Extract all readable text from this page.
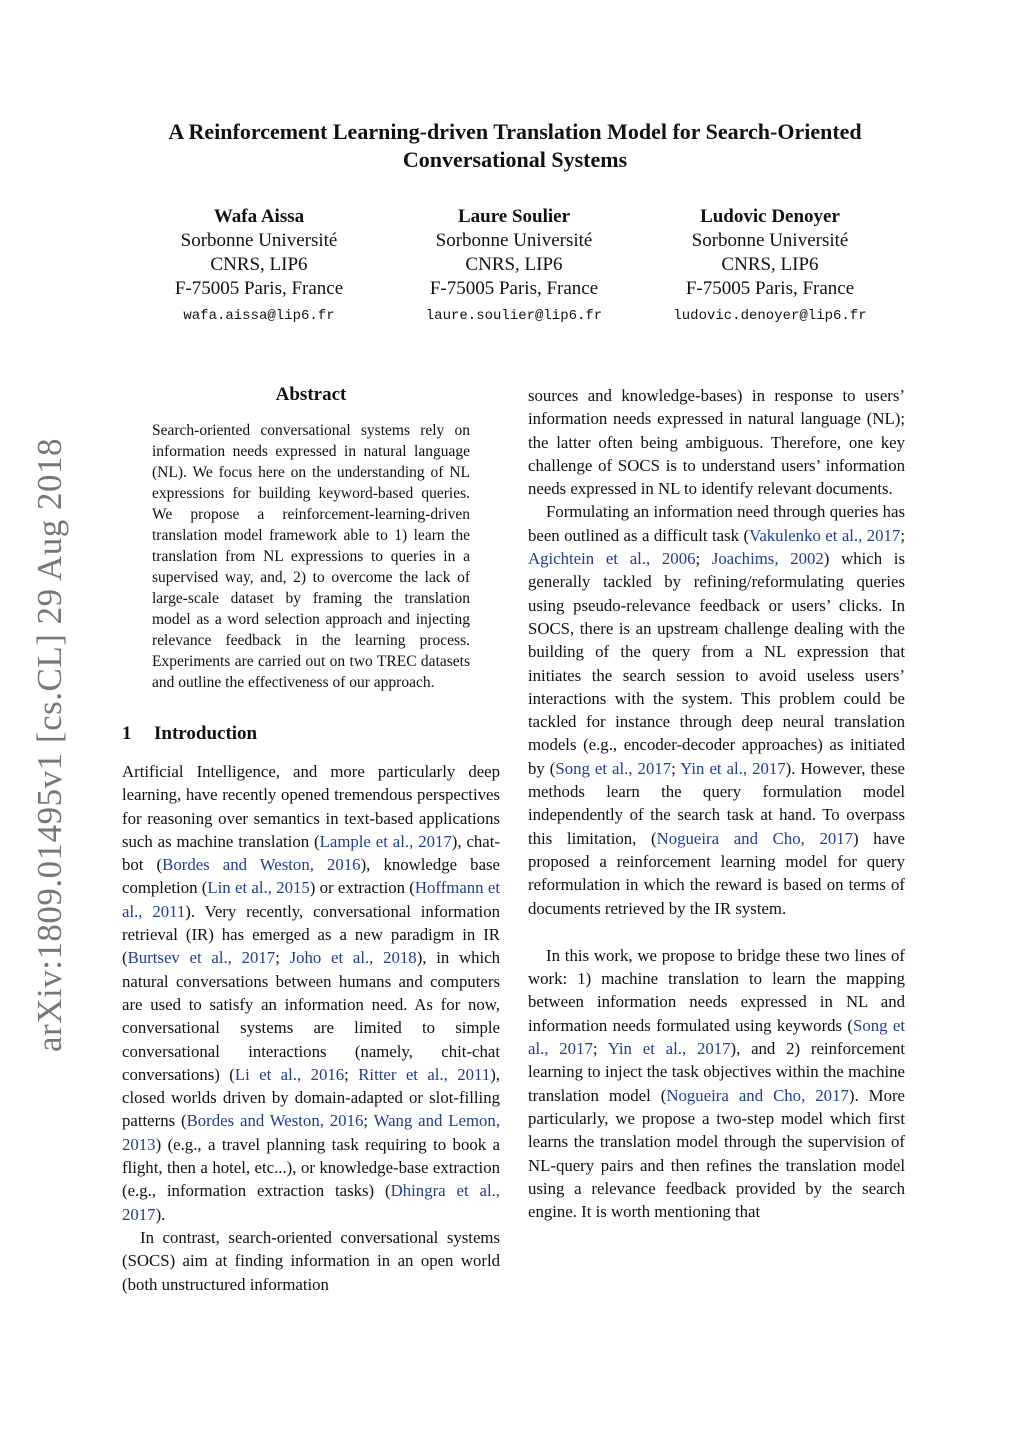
arXiv:1809.01495v1 [cs.CL] 29 Aug 2018
A Reinforcement Learning-driven Translation Model for Search-Oriented
Conversational Systems
Wafa Aissa
Sorbonne Université
CNRS, LIP6
F-75005 Paris, France
wafa.aissa@lip6.fr
Laure Soulier
Sorbonne Université
CNRS, LIP6
F-75005 Paris, France
laure.soulier@lip6.fr
Ludovic Denoyer
Sorbonne Université
CNRS, LIP6
F-75005 Paris, France
ludovic.denoyer@lip6.fr
Abstract
Search-oriented conversational systems rely on information needs expressed in natural language (NL). We focus here on the understanding of NL expressions for building keyword-based queries. We propose a reinforcement-learning-driven translation model framework able to 1) learn the translation from NL expressions to queries in a supervised way, and, 2) to overcome the lack of large-scale dataset by framing the translation model as a word selection approach and injecting relevance feedback in the learning process. Experiments are carried out on two TREC datasets and outline the effectiveness of our approach.
1 Introduction

Artificial Intelligence, and more particularly deep learning, have recently opened tremendous perspectives for reasoning over semantics in text-based applications such as machine translation (Lample et al., 2017), chat-bot (Bordes and Weston, 2016), knowledge base completion (Lin et al., 2015) or extraction (Hoffmann et al., 2011). Very recently, conversational information retrieval (IR) has emerged as a new paradigm in IR (Burtsev et al., 2017; Joho et al., 2018), in which natural conversations between humans and computers are used to satisfy an information need. As for now, conversational systems are limited to simple conversational interactions (namely, chit-chat conversations) (Li et al., 2016; Ritter et al., 2011), closed worlds driven by domain-adapted or slot-filling patterns (Bordes and Weston, 2016; Wang and Lemon, 2013) (e.g., a travel planning task requiring to book a flight, then a hotel, etc...), or knowledge-base extraction (e.g., information extraction tasks) (Dhingra et al., 2017).

In contrast, search-oriented conversational systems (SOCS) aim at finding information in an open world (both unstructured information

sources and knowledge-bases) in response to users’ information needs expressed in natural language (NL); the latter often being ambiguous. Therefore, one key challenge of SOCS is to understand users’ information needs expressed in NL to identify relevant documents.

Formulating an information need through queries has been outlined as a difficult task (Vakulenko et al., 2017; Agichtein et al., 2006; Joachims, 2002) which is generally tackled by refining/reformulating queries using pseudo-relevance feedback or users’ clicks. In SOCS, there is an upstream challenge dealing with the building of the query from a NL expression that initiates the search session to avoid useless users’ interactions with the system. This problem could be tackled for instance through deep neural translation models (e.g., encoder-decoder approaches) as initiated by (Song et al., 2017; Yin et al., 2017). However, these methods learn the query formulation model independently of the search task at hand. To overpass this limitation, (Nogueira and Cho, 2017) have proposed a reinforcement learning model for query reformulation in which the reward is based on terms of documents retrieved by the IR system.

In this work, we propose to bridge these two lines of work: 1) machine translation to learn the mapping between information needs expressed in NL and information needs formulated using keywords (Song et al., 2017; Yin et al., 2017), and 2) reinforcement learning to inject the task objectives within the machine translation model (Nogueira and Cho, 2017). More particularly, we propose a two-step model which first learns the translation model through the supervision of NL-query pairs and then refines the translation model using a relevance feedback provided by the search engine. It is worth mentioning that
